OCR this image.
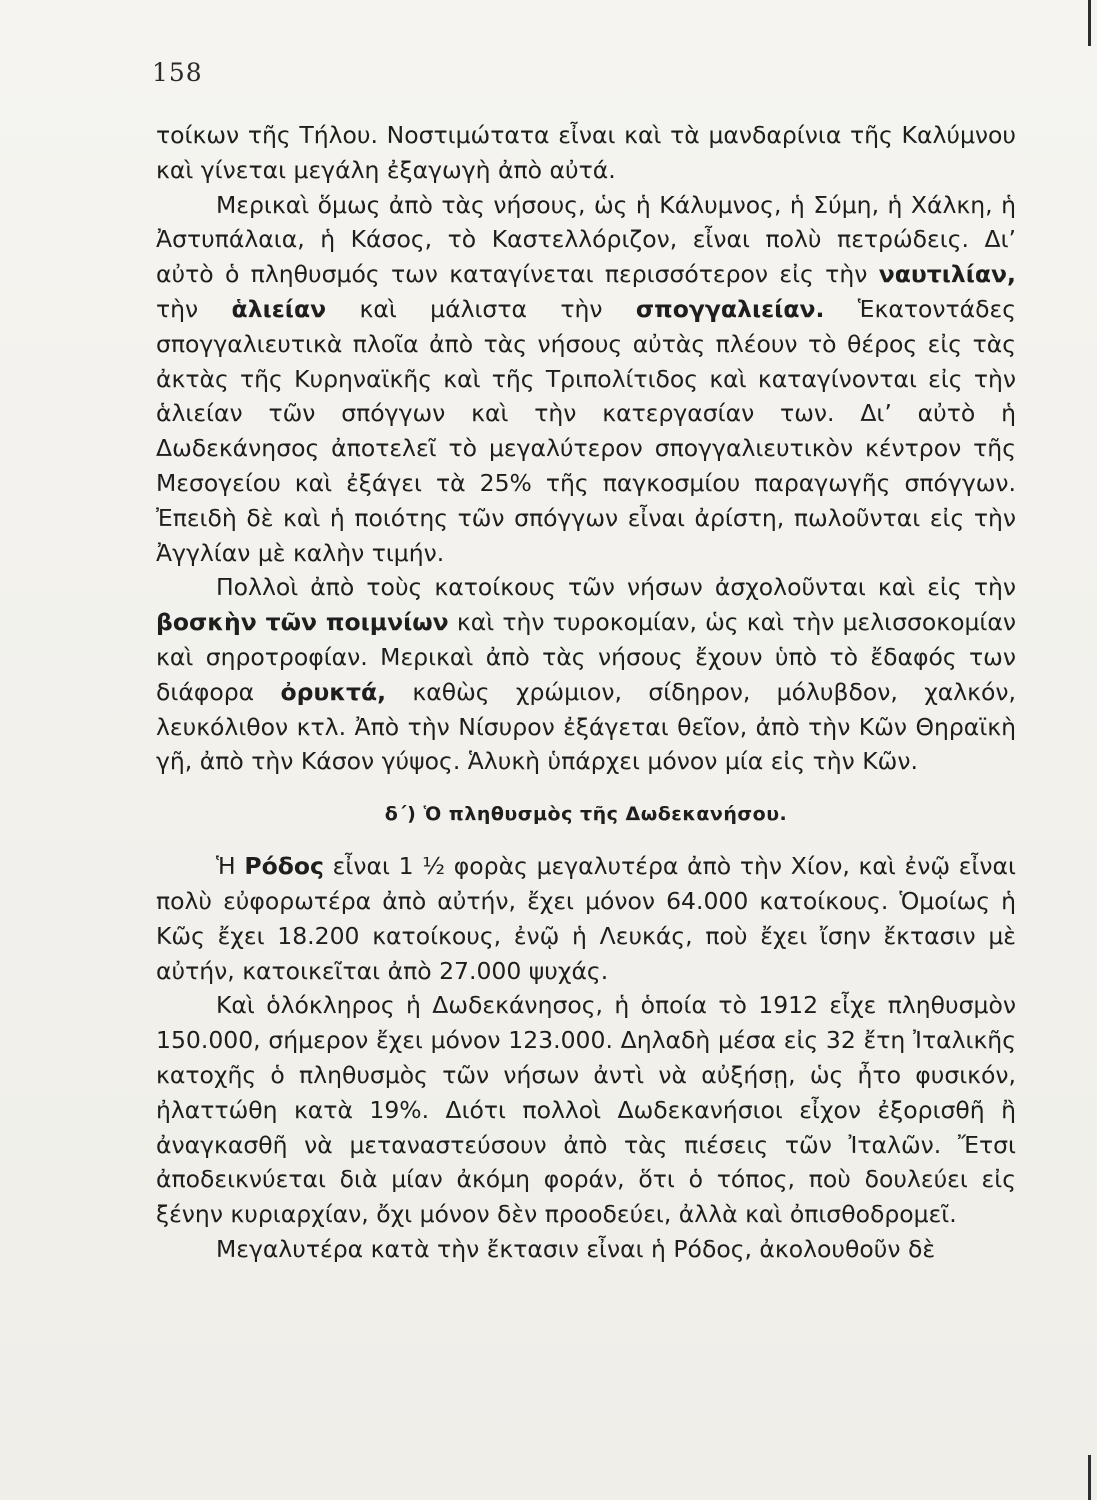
158

τοίκων τῆς Τήλου. Νοστιμώτατα εἶναι καὶ τὰ μανδαρίνια τῆς Καλύμνου καὶ γίνεται μεγάλη ἐξαγωγὴ ἀπὸ αὐτά.

Μερικαὶ ὅμως ἀπὸ τὰς νήσους, ὡς ἡ Κάλυμνος, ἡ Σύμη, ἡ Χάλκη, ἡ Ἀστυπάλαια, ἡ Κάσος, τὸ Καστελλόριζον, εἶναι πολὺ πετρώδεις. Δι’ αὐτὸ ὁ πληθυσμός των καταγίνεται περισσότερον εἰς τὴν ναυτιλίαν, τὴν ἁλιείαν καὶ μάλιστα τὴν σπογγαλιείαν. Ἑκατοντάδες σπογγαλιευτικὰ πλοῖα ἀπὸ τὰς νήσους αὐτὰς πλέουν τὸ θέρος εἰς τὰς ἀκτὰς τῆς Κυρηναϊκῆς καὶ τῆς Τριπολίτιδος καὶ καταγίνονται εἰς τὴν ἁλιείαν τῶν σπόγγων καὶ τὴν κατεργασίαν των. Δι’ αὐτὸ ἡ Δωδεκάνησος ἀποτελεῖ τὸ μεγαλύτερον σπογγαλιευτικὸν κέντρον τῆς Μεσογείου καὶ ἐξάγει τὰ 25% τῆς παγκοσμίου παραγωγῆς σπόγγων. Ἐπειδὴ δὲ καὶ ἡ ποιότης τῶν σπόγγων εἶναι ἀρίστη, πωλοῦνται εἰς τὴν Ἀγγλίαν μὲ καλὴν τιμήν.

Πολλοὶ ἀπὸ τοὺς κατοίκους τῶν νήσων ἀσχολοῦνται καὶ εἰς τὴν βοσκὴν τῶν ποιμνίων καὶ τὴν τυροκομίαν, ὡς καὶ τὴν μελισσοκομίαν καὶ σηροτροφίαν. Μερικαὶ ἀπὸ τὰς νήσους ἔχουν ὑπὸ τὸ ἔδαφός των διάφορα ὀρυκτά, καθὼς χρώμιον, σίδηρον, μόλυβδον, χαλκόν, λευκόλιθον κτλ. Ἀπὸ τὴν Νίσυρον ἐξάγεται θεῖον, ἀπὸ τὴν Κῶν Θηραϊκὴ γῆ, ἀπὸ τὴν Κάσον γύψος. Ἁλυκὴ ὑπάρχει μόνον μία εἰς τὴν Κῶν.

δ΄) Ὁ πληθυσμὸς τῆς Δωδεκανήσου.

Ἡ Ρόδος εἶναι 1 ½ φορὰς μεγαλυτέρα ἀπὸ τὴν Χίον, καὶ ἐνῷ εἶναι πολὺ εὐφορωτέρα ἀπὸ αὐτήν, ἔχει μόνον 64.000 κατοίκους. Ὁμοίως ἡ Κῶς ἔχει 18.200 κατοίκους, ἐνῷ ἡ Λευκάς, ποὺ ἔχει ἴσην ἔκτασιν μὲ αὐτήν, κατοικεῖται ἀπὸ 27.000 ψυχάς.

Καὶ ὁλόκληρος ἡ Δωδεκάνησος, ἡ ὁποία τὸ 1912 εἶχε πληθυσμὸν 150.000, σήμερον ἔχει μόνον 123.000. Δηλαδὴ μέσα εἰς 32 ἔτη Ἰταλικῆς κατοχῆς ὁ πληθυσμὸς τῶν νήσων ἀντὶ νὰ αὐξήσῃ, ὡς ἦτο φυσικόν, ἠλαττώθη κατὰ 19%. Διότι πολλοὶ Δωδεκανήσιοι εἶχον ἐξορισθῆ ἢ ἀναγκασθῆ νὰ μεταναστεύσουν ἀπὸ τὰς πιέσεις τῶν Ἰταλῶν. Ἔτσι ἀποδεικνύεται διὰ μίαν ἀκόμη φοράν, ὅτι ὁ τόπος, ποὺ δουλεύει εἰς ξένην κυριαρχίαν, ὄχι μόνον δὲν προοδεύει, ἀλλὰ καὶ ὀπισθοδρομεῖ.

Μεγαλυτέρα κατὰ τὴν ἔκτασιν εἶναι ἡ Ρόδος, ἀκολουθοῦν δὲ
